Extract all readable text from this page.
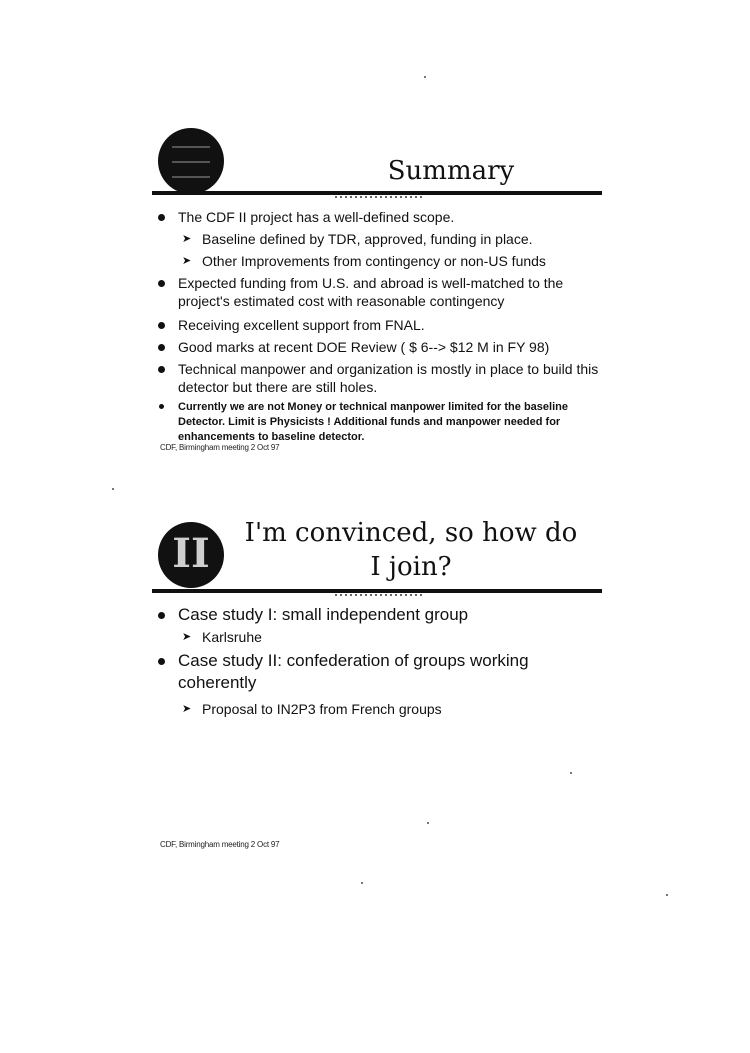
Summary
The CDF II project has a well-defined scope.
➤ Baseline defined by TDR, approved, funding in place.
➤ Other Improvements from contingency or non-US funds
Expected funding from U.S. and abroad is well-matched to the project's estimated cost with reasonable contingency
Receiving excellent support from FNAL.
Good marks at recent DOE Review ( $ 6--> $12 M in FY 98)
Technical manpower and organization is mostly in place to build this detector but there are still holes.
Currently we are not Money or technical manpower limited for the baseline Detector. Limit is Physicists ! Additional funds and manpower needed for enhancements to baseline detector.
CDF, Birmingham meeting 2 Oct 97
II	I'm convinced, so how do
I join?
Case study I: small independent group
➤ Karlsruhe
Case study II: confederation of groups working coherently
➤ Proposal to IN2P3 from French groups
CDF, Birmingham meeting 2 Oct 97
